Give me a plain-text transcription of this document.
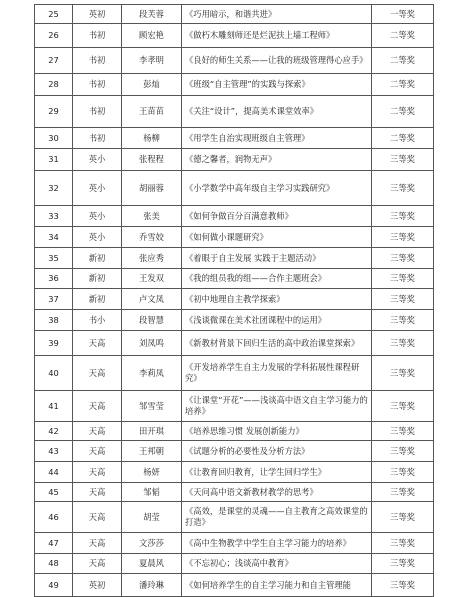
25	英初	段芙蓉	《巧用暗示，和谐共进》	一等奖
26	书初	顾宏艳	《做朽木雕刻师还是烂泥扶上墙工程师》	二等奖
27	书初	李孝明	《良好的师生关系——让我的班级管理得心应手》	二等奖
28	书初	彭灿	《班级“自主管理”的实践与探索》	二等奖
29	书初	王苗苗	《关注“设计”，提高美术课堂效率》	二等奖
30	书初	杨柳	《用学生自治实现班级自主管理》	二等奖
31	英小	张程程	《德之馨者，润物无声》	三等奖
32	英小	胡丽蓉	《小学数学中高年级自主学习实践研究》	三等奖
33	英小	张美	《如何争做百分百满意教师》	三等奖
34	英小	乔雪姣	《如何做小课题研究》	三等奖
35	新初	张应秀	《着眼于自主发展 实践于主题活动》	三等奖
36	新初	王发双	《我的组员我的组——合作主题班会》	三等奖
37	新初	卢文凤	《初中地理自主教学探索》	三等奖
38	书小	段智慧	《浅谈微课在美术社团课程中的运用》	三等奖
39	天高	刘凤鸣	《新教材背景下回归生活的高中政治课堂探索》	三等奖
40	天高	李莉凤	《开发培养学生自主力发展的学科拓展性课程研究》	三等奖
41	天高	邹雪莹	《让课堂“开花”——浅谈高中语文自主学习能力的培养》	三等奖
42	天高	田开琪	《培养思维习惯 发展创新能力》	三等奖
43	天高	王邦朝	《试题分析的必要性及分析方法》	三等奖
44	天高	杨妍	《让教育回归教育，让学生回归学生》	三等奖
45	天高	邹韬	《天问高中语文新教材教学的思考》	三等奖
46	天高	胡莹	《高效，是课堂的灵魂——自主教育之高效课堂的打造》	三等奖
47	天高	文莎莎	《高中生物教学中学生自主学习能力的培养》	三等奖
48	天高	夏晨风	《不忘初心；浅谈高中教育》	三等奖
49	英初	潘玲琳	《如何培养学生的自主学习能力和自主管理能	三等奖
